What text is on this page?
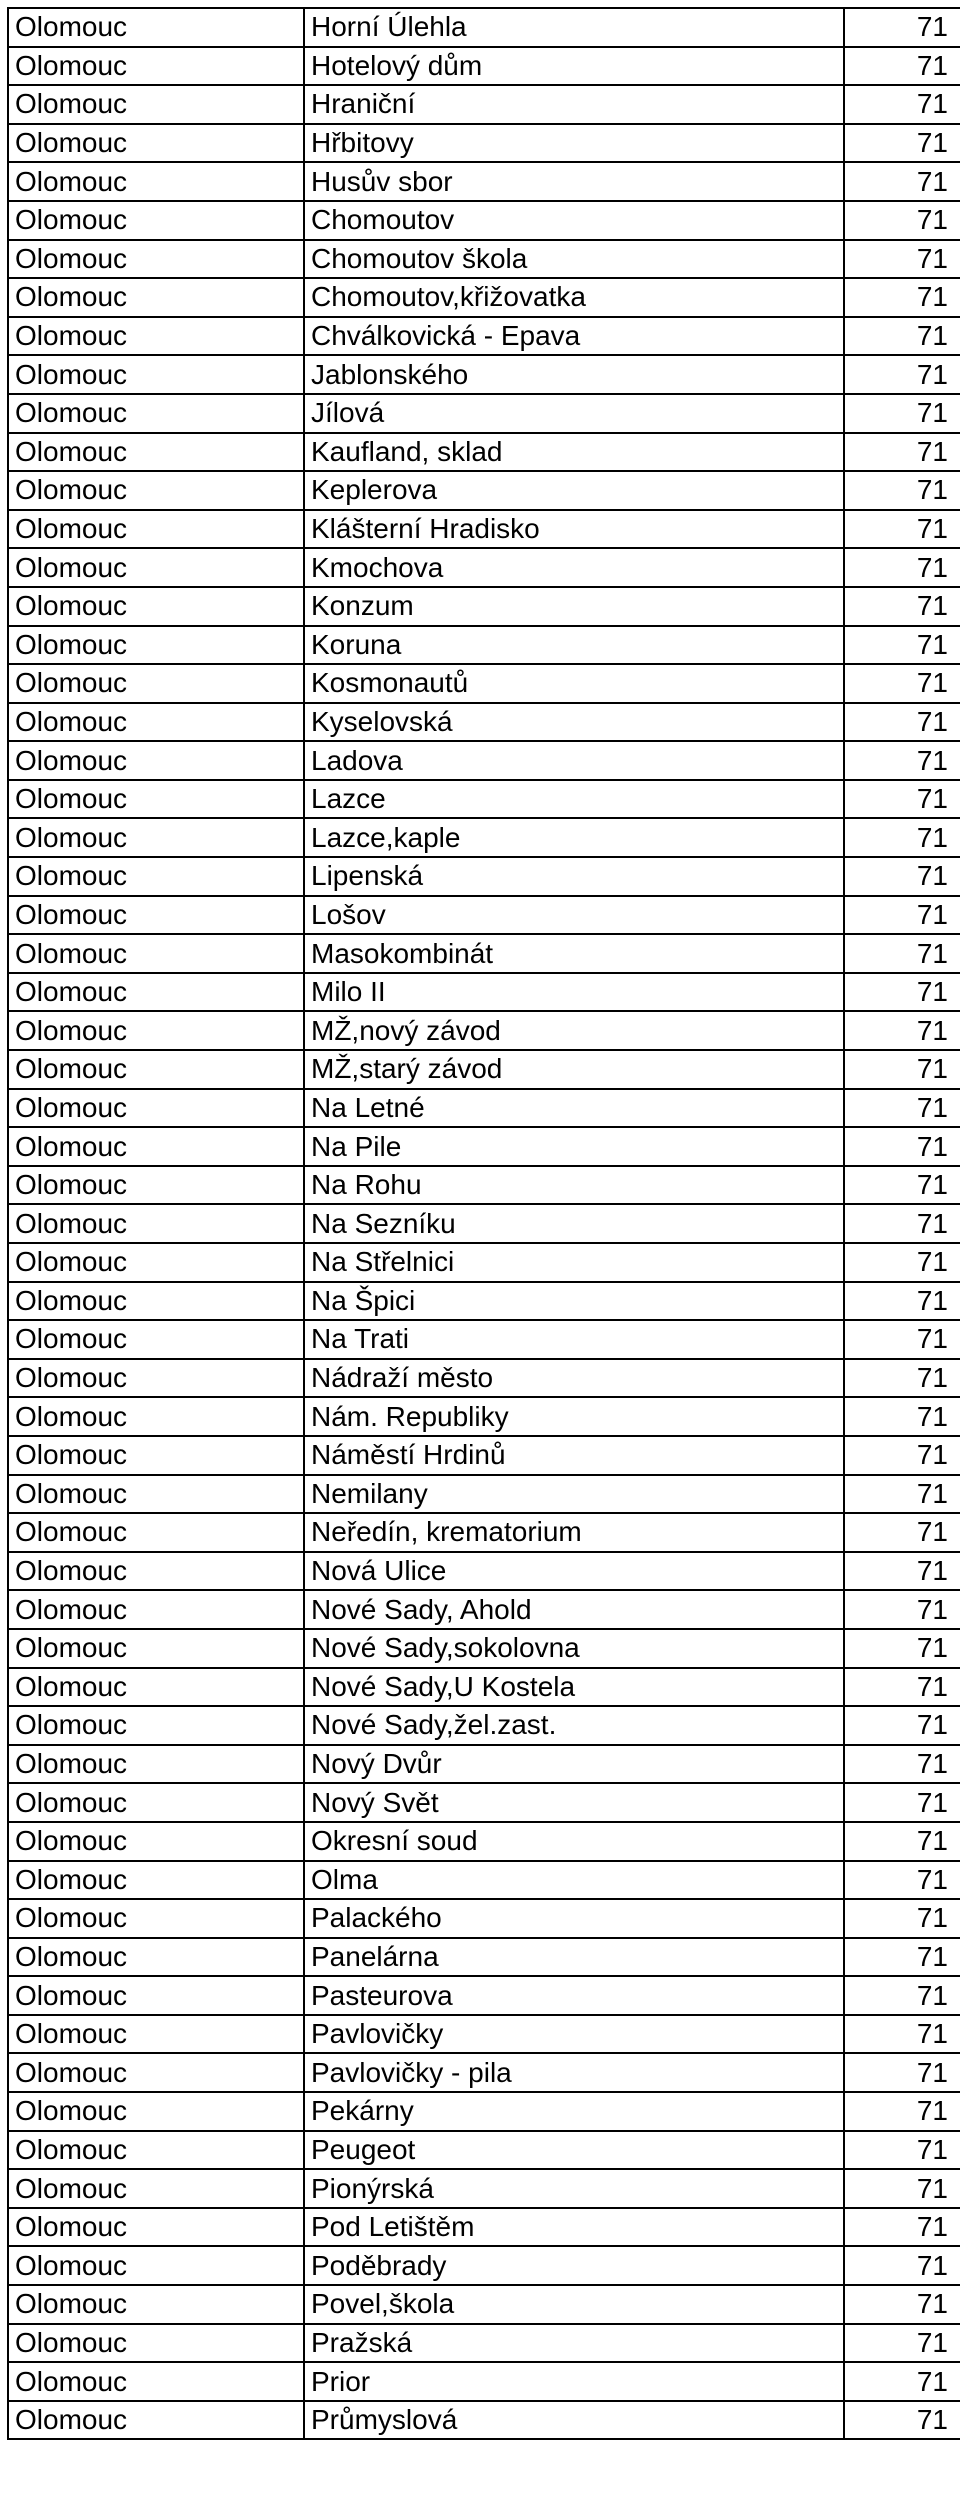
Olomouc	Horní Úlehla	71
Olomouc	Hotelový dům	71
Olomouc	Hraniční	71
Olomouc	Hřbitovy	71
Olomouc	Husův sbor	71
Olomouc	Chomoutov	71
Olomouc	Chomoutov škola	71
Olomouc	Chomoutov,křižovatka	71
Olomouc	Chválkovická - Epava	71
Olomouc	Jablonského	71
Olomouc	Jílová	71
Olomouc	Kaufland, sklad	71
Olomouc	Keplerova	71
Olomouc	Klášterní Hradisko	71
Olomouc	Kmochova	71
Olomouc	Konzum	71
Olomouc	Koruna	71
Olomouc	Kosmonautů	71
Olomouc	Kyselovská	71
Olomouc	Ladova	71
Olomouc	Lazce	71
Olomouc	Lazce,kaple	71
Olomouc	Lipenská	71
Olomouc	Lošov	71
Olomouc	Masokombinát	71
Olomouc	Milo II	71
Olomouc	MŽ,nový závod	71
Olomouc	MŽ,starý závod	71
Olomouc	Na Letné	71
Olomouc	Na Pile	71
Olomouc	Na Rohu	71
Olomouc	Na Sezníku	71
Olomouc	Na Střelnici	71
Olomouc	Na Špici	71
Olomouc	Na Trati	71
Olomouc	Nádraží město	71
Olomouc	Nám. Republiky	71
Olomouc	Náměstí Hrdinů	71
Olomouc	Nemilany	71
Olomouc	Neředín, krematorium	71
Olomouc	Nová Ulice	71
Olomouc	Nové Sady, Ahold	71
Olomouc	Nové Sady,sokolovna	71
Olomouc	Nové Sady,U Kostela	71
Olomouc	Nové Sady,žel.zast.	71
Olomouc	Nový Dvůr	71
Olomouc	Nový Svět	71
Olomouc	Okresní soud	71
Olomouc	Olma	71
Olomouc	Palackého	71
Olomouc	Panelárna	71
Olomouc	Pasteurova	71
Olomouc	Pavlovičky	71
Olomouc	Pavlovičky - pila	71
Olomouc	Pekárny	71
Olomouc	Peugeot	71
Olomouc	Pionýrská	71
Olomouc	Pod Letištěm	71
Olomouc	Poděbrady	71
Olomouc	Povel,škola	71
Olomouc	Pražská	71
Olomouc	Prior	71
Olomouc	Průmyslová	71
